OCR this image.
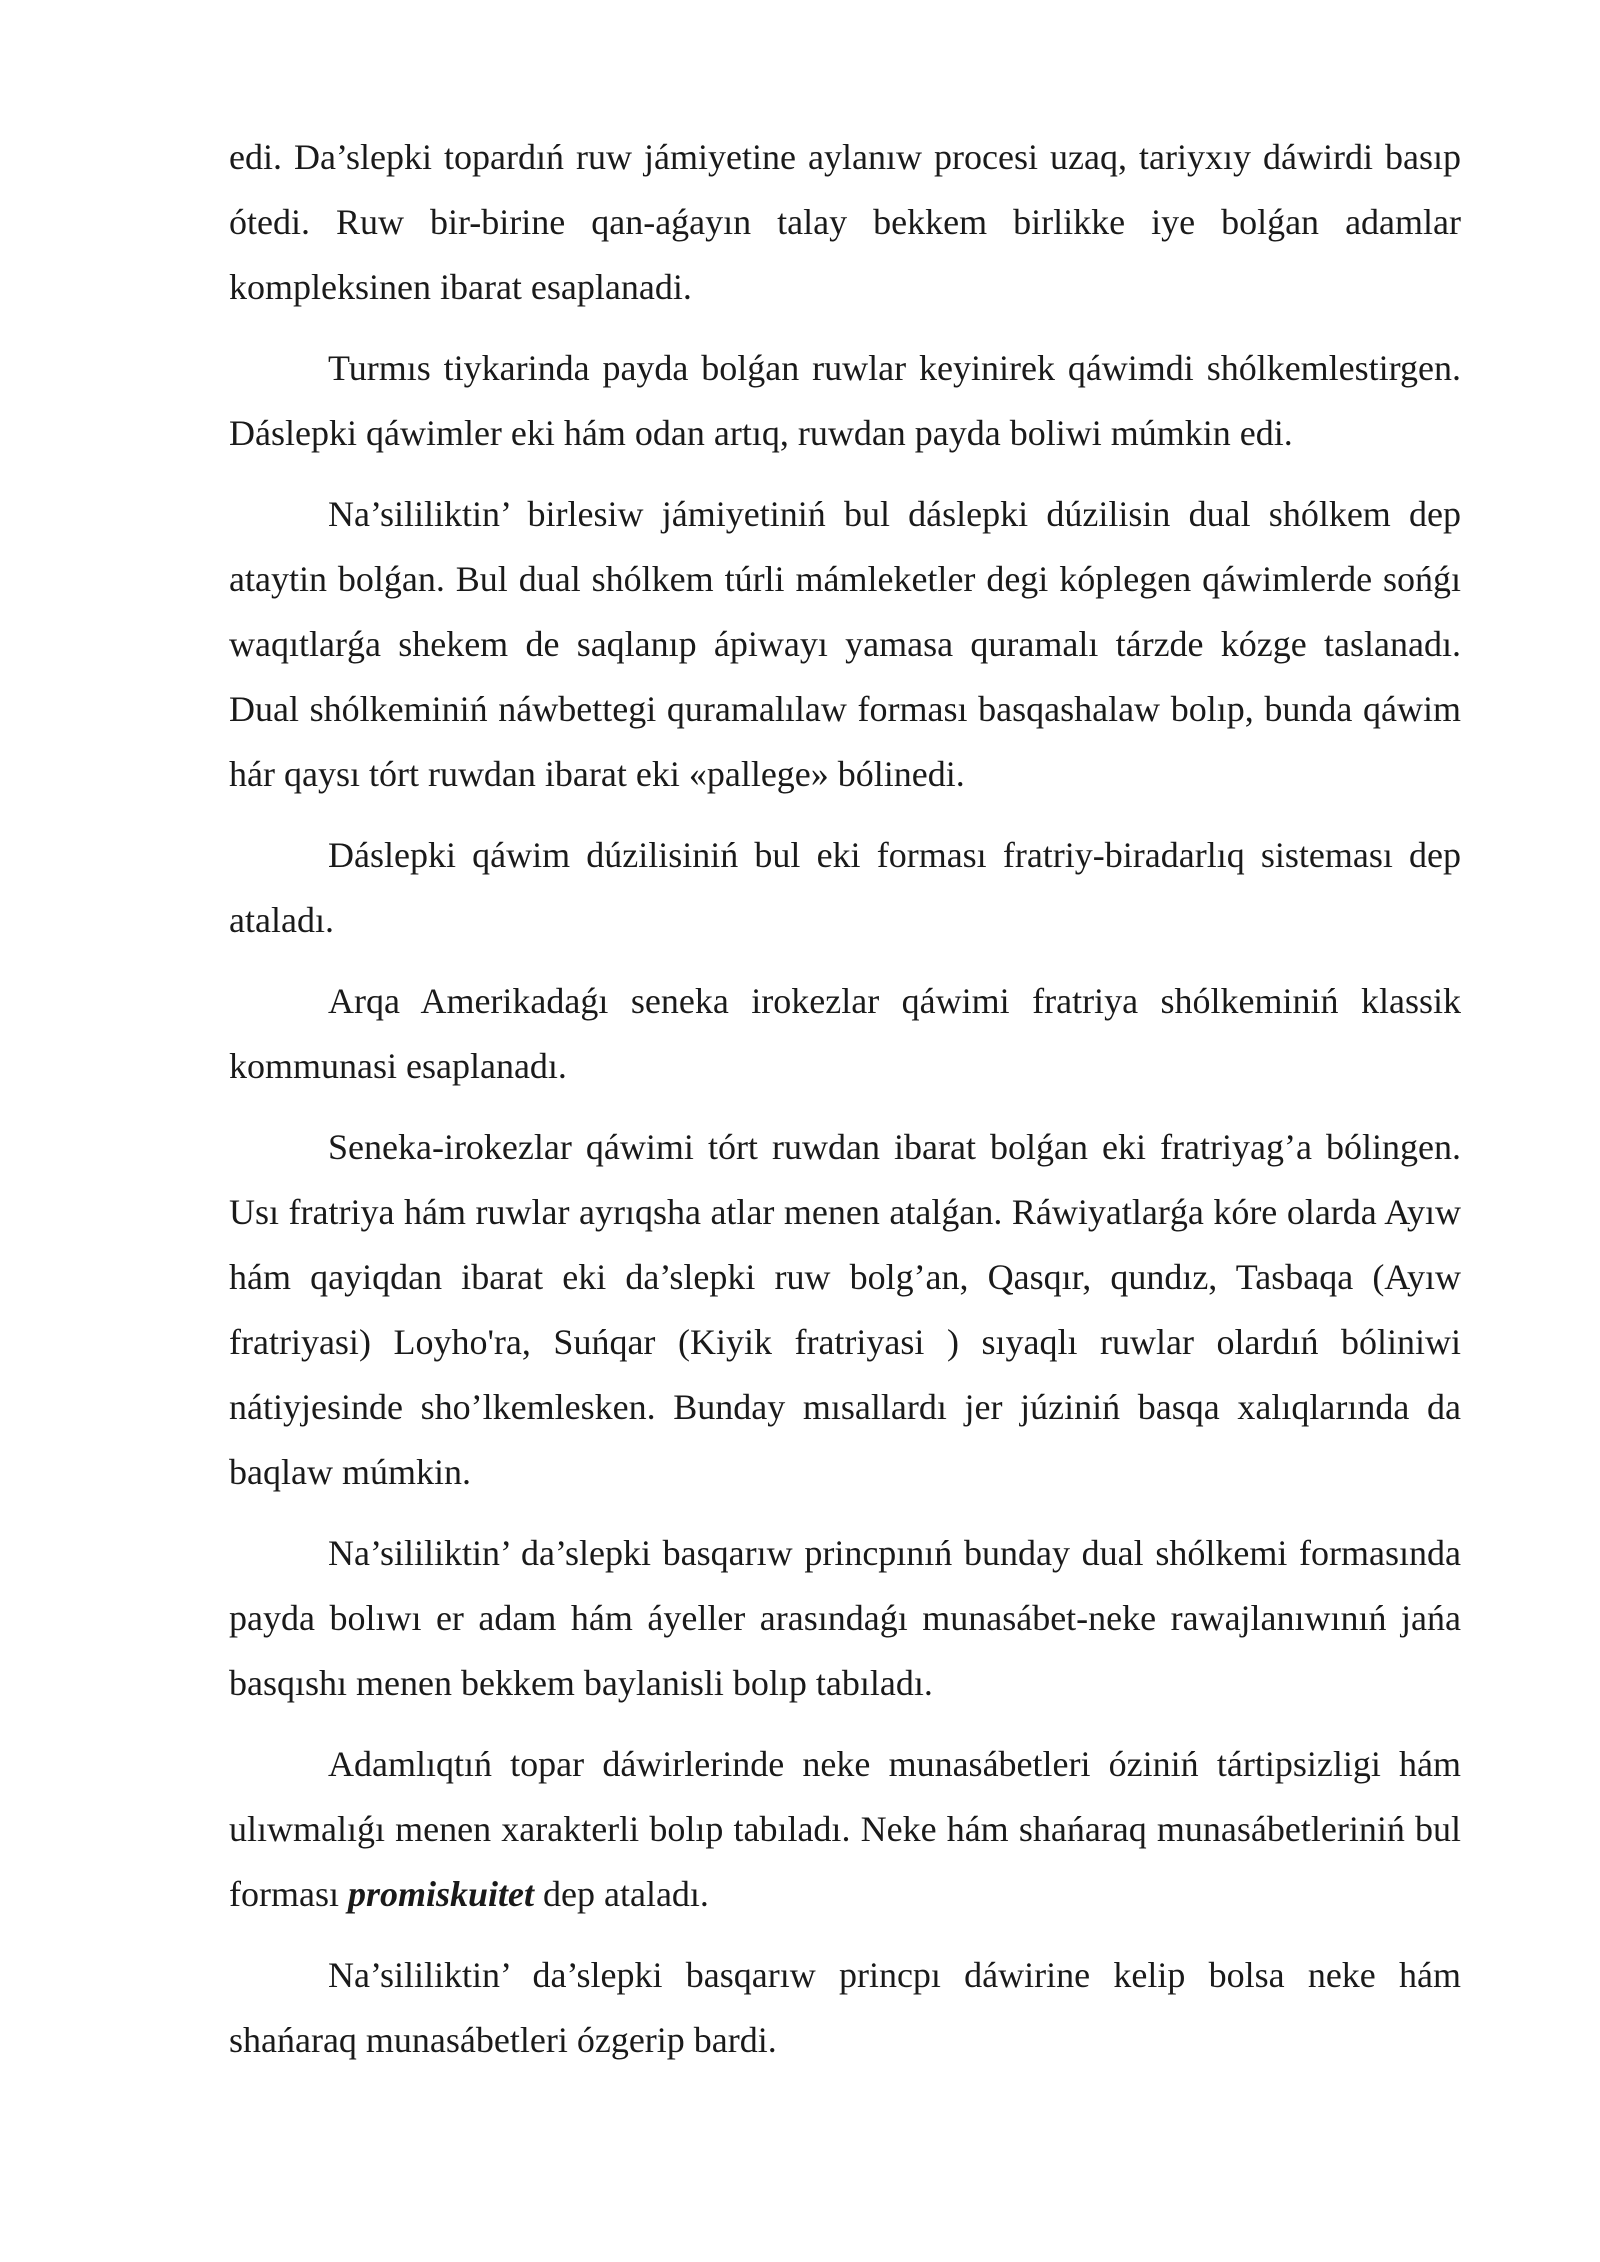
edi. Da’slepki topardıń ruw jámiyetine aylanıw procesi uzaq, tariyxıy dáwirdi basıp ótedi. Ruw bir-birine qan-aǵayın talay bekkem birlikke iye bolǵan adamlar kompleksinen ibarat esaplanadi.

Turmıs tiykarinda payda bolǵan ruwlar keyinirek qáwimdi shólkemlestirgen. Dáslepki qáwimler eki hám odan artıq, ruwdan payda boliwi múmkin edi.

Na’sililiktin’ birlesiw jámiyetiniń bul dáslepki dúzilisin dual shólkem dep ataytin bolǵan. Bul dual shólkem túrli mámleketler degi kóplegen qáwimlerde sońǵı waqıtlarǵa shekem de saqlanıp ápiwayı yamasa quramalı tárzde kózge taslanadı. Dual shólkeminiń náwbettegi quramalılaw forması basqashalaw bolıp, bunda qáwim hár qaysı tórt ruwdan ibarat eki «pallege» bólinedi.

Dáslepki qáwim dúzilisiniń bul eki forması fratriy-biradarlıq sisteması dep ataladı.

Arqa Amerikadaǵı seneka irokezlar qáwimi fratriya shólkeminiń klassik kommunasi esaplanadı.

Seneka-irokezlar qáwimi tórt ruwdan ibarat bolǵan eki fratriyag’a bólingen. Usı fratriya hám ruwlar ayrıqsha atlar menen atalǵan. Ráwiyatlarǵa kóre olarda Ayıw hám qayiqdan ibarat eki da’slepki ruw bolg’an, Qasqır, qundız, Tasbaqa (Ayıw fratriyasi) Loyho'ra, Suńqar (Kiyik fratriyasi ) sıyaqlı ruwlar olardıń bóliniwi nátiyjesinde sho’lkemlesken. Bunday mısallardı jer júziniń basqa xalıqlarında da baqlaw múmkin.

Na’sililiktin’ da’slepki basqarıw princpınıń bunday dual shólkemi formasında payda bolıwı er adam hám áyeller arasındaǵı munasábet-neke rawajlanıwınıń jańa basqıshı menen bekkem baylanisli bolıp tabıladı.

Adamlıqtıń topar dáwirlerinde neke munasábetleri óziniń tártipsizligi hám ulıwmalıǵı menen xarakterli bolıp tabıladı. Neke hám shańaraq munasábetleriniń bul forması promiskuitet dep ataladı.

Na’sililiktin’ da’slepki basqarıw princpı dáwirine kelip bolsa neke hám shańaraq munasábetleri ózgerip bardi.
